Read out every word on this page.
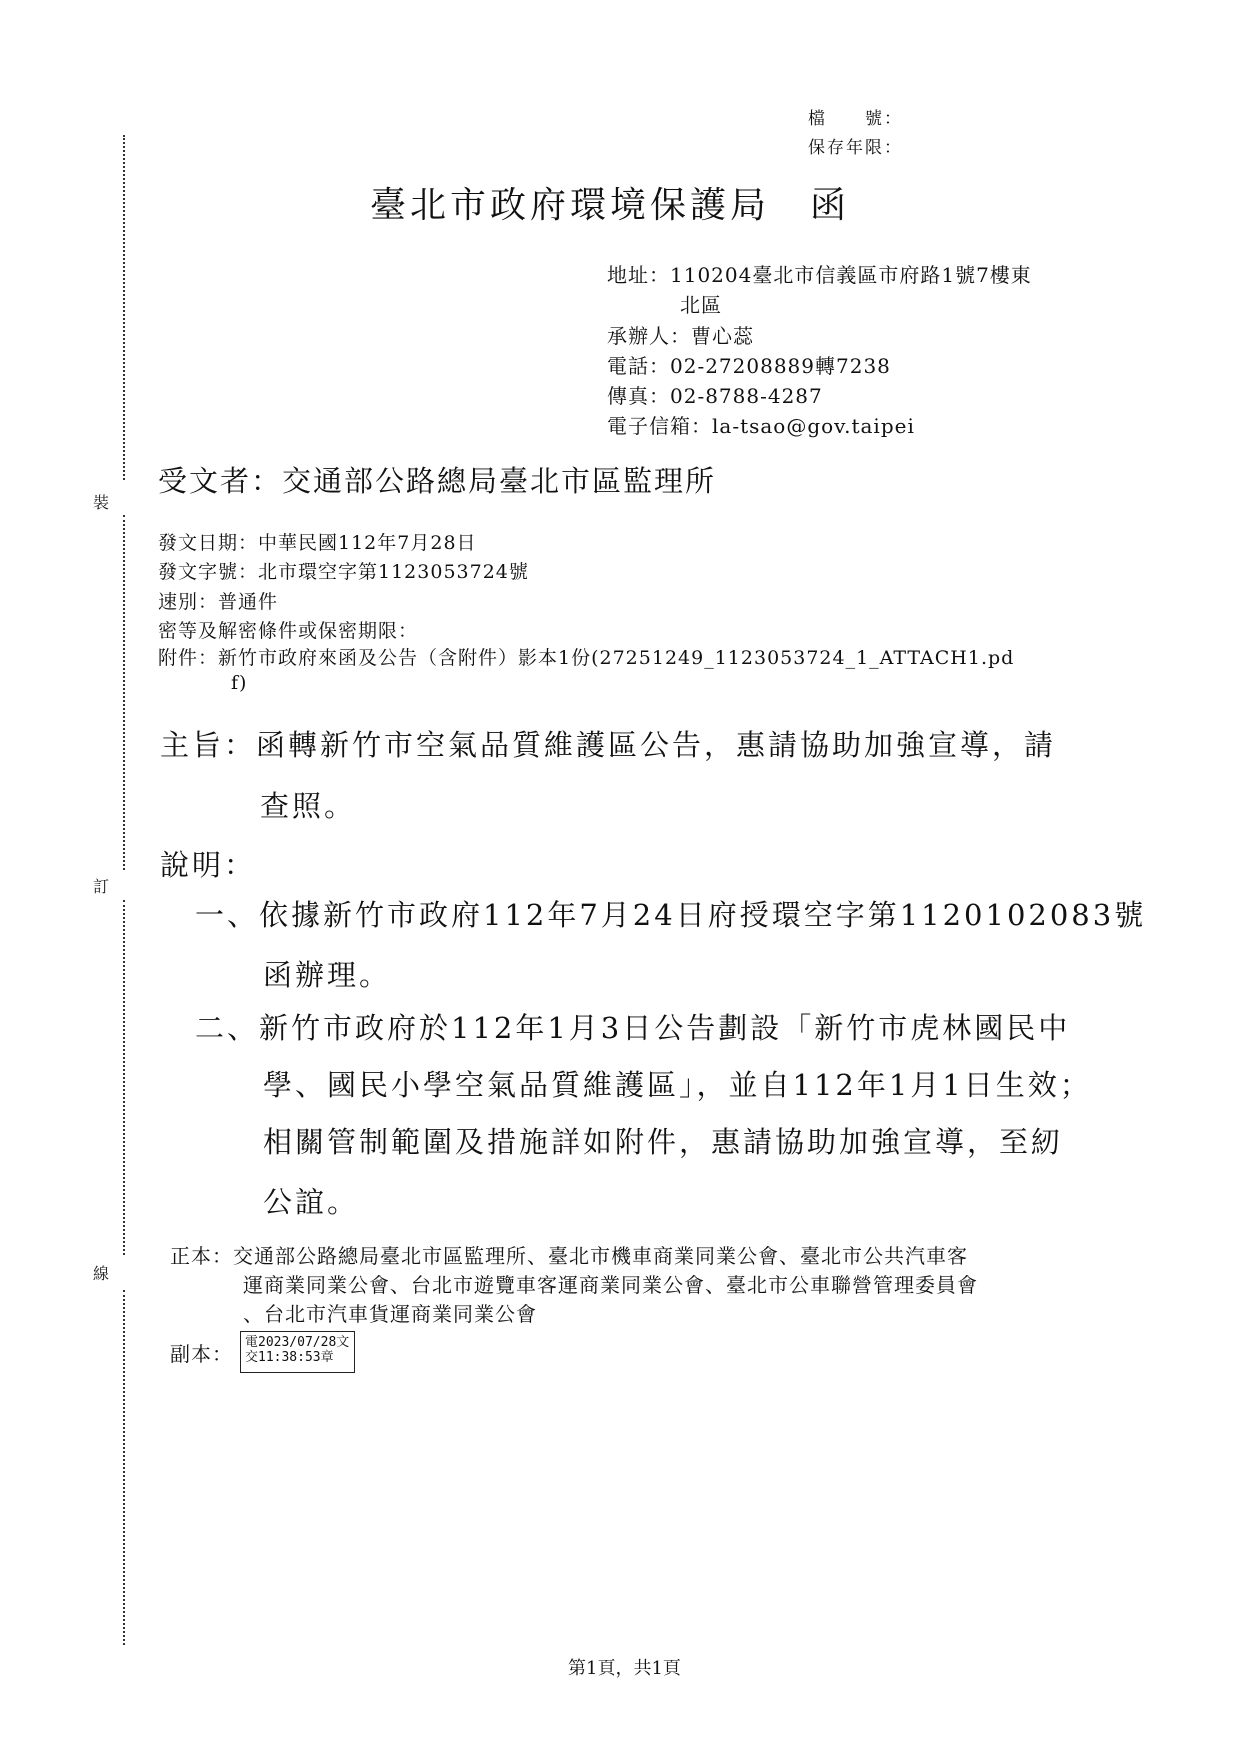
裝
訂
線
檔　　號：
保存年限：
臺北市政府環境保護局　函
地址：110204臺北市信義區市府路1號7樓東
北區
承辦人：曹心蕊
電話：02-27208889轉7238
傳真：02-8788-4287
電子信箱：la-tsao@gov.taipei
受文者：交通部公路總局臺北市區監理所
發文日期：中華民國112年7月28日
發文字號：北市環空字第1123053724號
速別：普通件
密等及解密條件或保密期限：
附件：新竹市政府來函及公告（含附件）影本1份(27251249_1123053724_1_ATTACH1.pd
f)
主旨：函轉新竹市空氣品質維護區公告，惠請協助加強宣導，請
查照。
說明：
一、依據新竹市政府112年7月24日府授環空字第1120102083號
函辦理。
二、新竹市政府於112年1月3日公告劃設「新竹市虎林國民中
學、國民小學空氣品質維護區」，並自112年1月1日生效；
相關管制範圍及措施詳如附件，惠請協助加強宣導，至紉
公誼。
正本：交通部公路總局臺北市區監理所、臺北市機車商業同業公會、臺北市公共汽車客
運商業同業公會、台北市遊覽車客運商業同業公會、臺北市公車聯營管理委員會
、台北市汽車貨運商業同業公會
副本： 電2023/07/28文
交11:38:53章
第1頁，共1頁
